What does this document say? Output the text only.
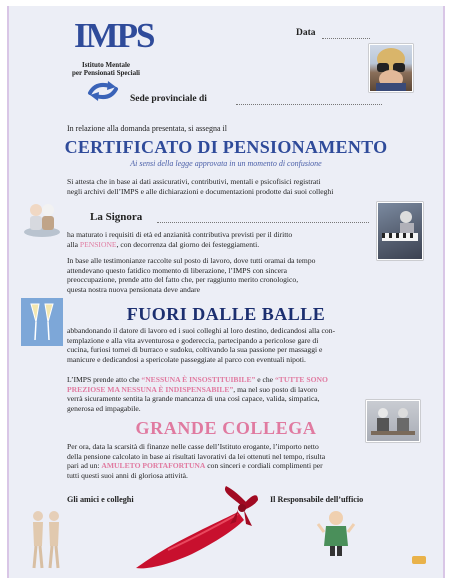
IMPS
Istituto Mentale
per Pensionati Speciali
Data
Sede provinciale di
In relazione alla domanda presentata, si assegna il
CERTIFICATO DI PENSIONAMENTO
Ai sensi della legge approvata in un momento di confusione
Si attesta che in base ai dati assicurativi, contributivi, mentali e psicofisici registrati
negli archivi dell’IMPS e alle dichiarazioni e documentazioni prodotte dai suoi colleghi
La Signora
ha maturato i requisiti di età ed anzianità contributiva previsti per il diritto
alla PENSIONE, con decorrenza dal giorno dei festeggiamenti.
In base alle testimonianze raccolte sul posto di lavoro, dove tutti oramai da tempo
attendevano questo fatidico momento di liberazione, l’IMPS con sincera
preoccupazione, prende atto del fatto che, per raggiunto merito cronologico,
questa nostra nuova pensionata deve andare
FUORI DALLE BALLE
abbandonando il datore di lavoro ed i suoi colleghi al loro destino, dedicandosi alla con-
templazione e alla vita avventurosa e godereccia, partecipando a pericolose gare di
cucina, furiosi tornei di burraco e sudoku, coltivando la sua passione per massaggi e
manicure e dedicandosi a spericolate passeggiate al parco con eventuali nipoti.
L’IMPS prende atto che “NESSUNA È INSOSTITUIBILE” e che “TUTTE SONO
PREZIOSE MA NESSUNA È INDISPENSABILE”, ma nel suo posto di lavoro
verrà sicuramente sentita la grande mancanza di una così capace, valida, simpatica,
generosa ed impagabile.
GRANDE COLLEGA
Per ora, data la scarsità di finanze nelle casse dell’Istituto erogante, l’importo netto
della pensione calcolato in base ai risultati lavorativi da lei ottenuti nel tempo, risulta
pari ad un: AMULETO PORTAFORTUNA con sinceri e cordiali complimenti per
tutti questi suoi anni di gloriosa attività.
Gli amici e colleghi	Il Responsabile dell’ufficio
